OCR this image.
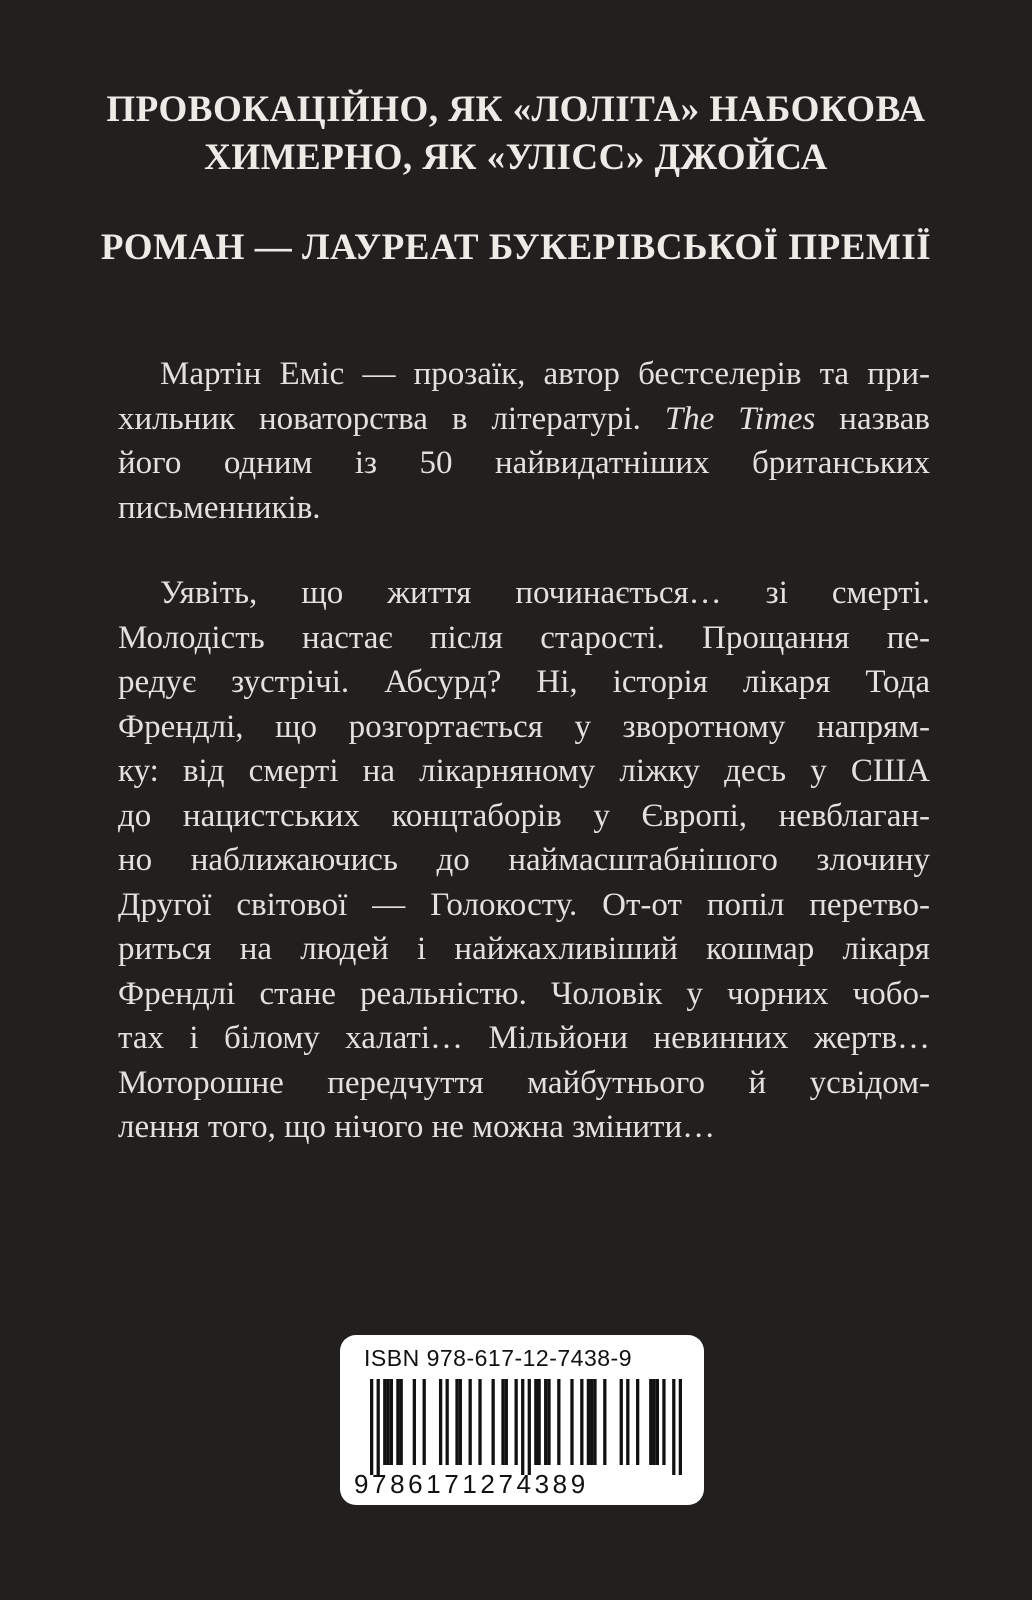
ПРОВОКАЦІЙНО, ЯК «ЛОЛІТА» НАБОКОВА
ХИМЕРНО, ЯК «УЛІСС» ДЖОЙСА
РОМАН — ЛАУРЕАТ БУКЕРІВСЬКОЇ ПРЕМІЇ
Мартін Еміс — прозаїк, автор бестселерів та при-
хильник новаторства в літературі. The Times назвав
його одним із 50 найвидатніших британських
письменників.
Уявіть, що життя починається… зі смерті.
Молодість настає після старості. Прощання пе-
редує зустрічі. Абсурд? Ні, історія лікаря Тода
Френдлі, що розгортається у зворотному напрям-
ку: від смерті на лікарняному ліжку десь у США
до нацистських концтаборів у Європі, невблаган-
но наближаючись до наймасштабнішого злочину
Другої світової — Голокосту. От-от попіл перетво-
риться на людей і найжахливіший кошмар лікаря
Френдлі стане реальністю. Чоловік у чорних чобо-
тах і білому халаті… Мільйони невинних жертв…
Моторошне передчуття майбутнього й усвідом-
лення того, що нічого не можна змінити…
ISBN 978-617-12-7438-9
9786171274389
